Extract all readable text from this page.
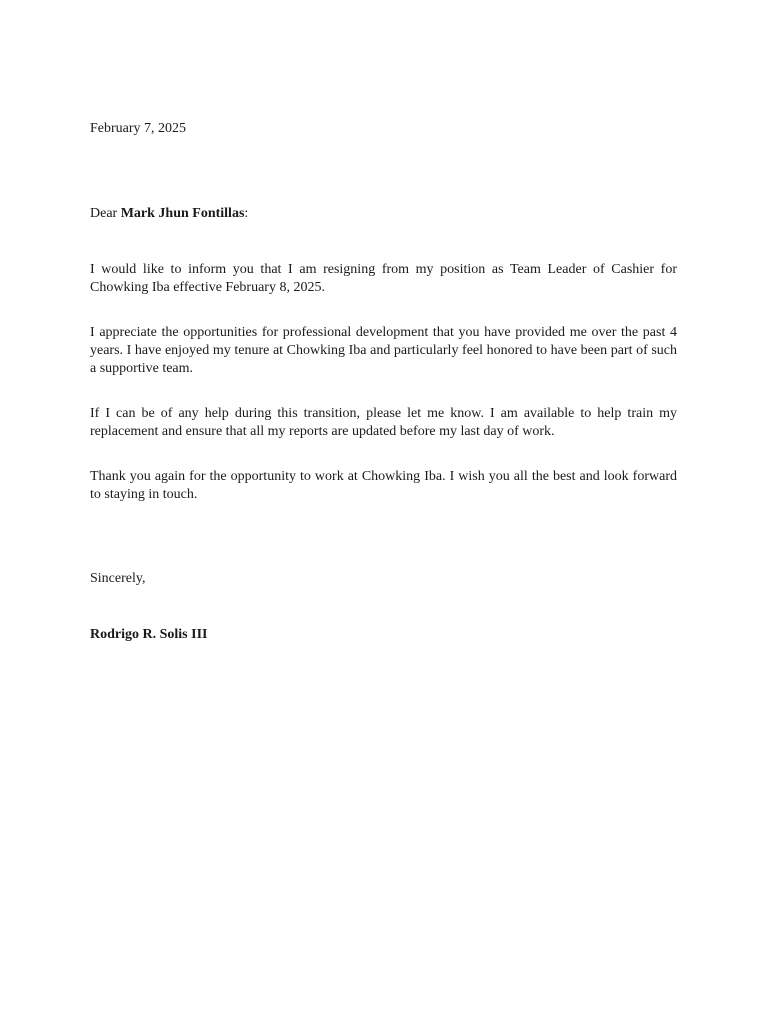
February 7, 2025

Dear Mark Jhun Fontillas:

I would like to inform you that I am resigning from my position as Team Leader of Cashier for Chowking Iba effective February 8, 2025.

I appreciate the opportunities for professional development that you have provided me over the past 4 years. I have enjoyed my tenure at Chowking Iba and particularly feel honored to have been part of such a supportive team.

If I can be of any help during this transition, please let me know. I am available to help train my replacement and ensure that all my reports are updated before my last day of work.

Thank you again for the opportunity to work at Chowking Iba. I wish you all the best and look forward to staying in touch.

Sincerely,

Rodrigo R. Solis III
